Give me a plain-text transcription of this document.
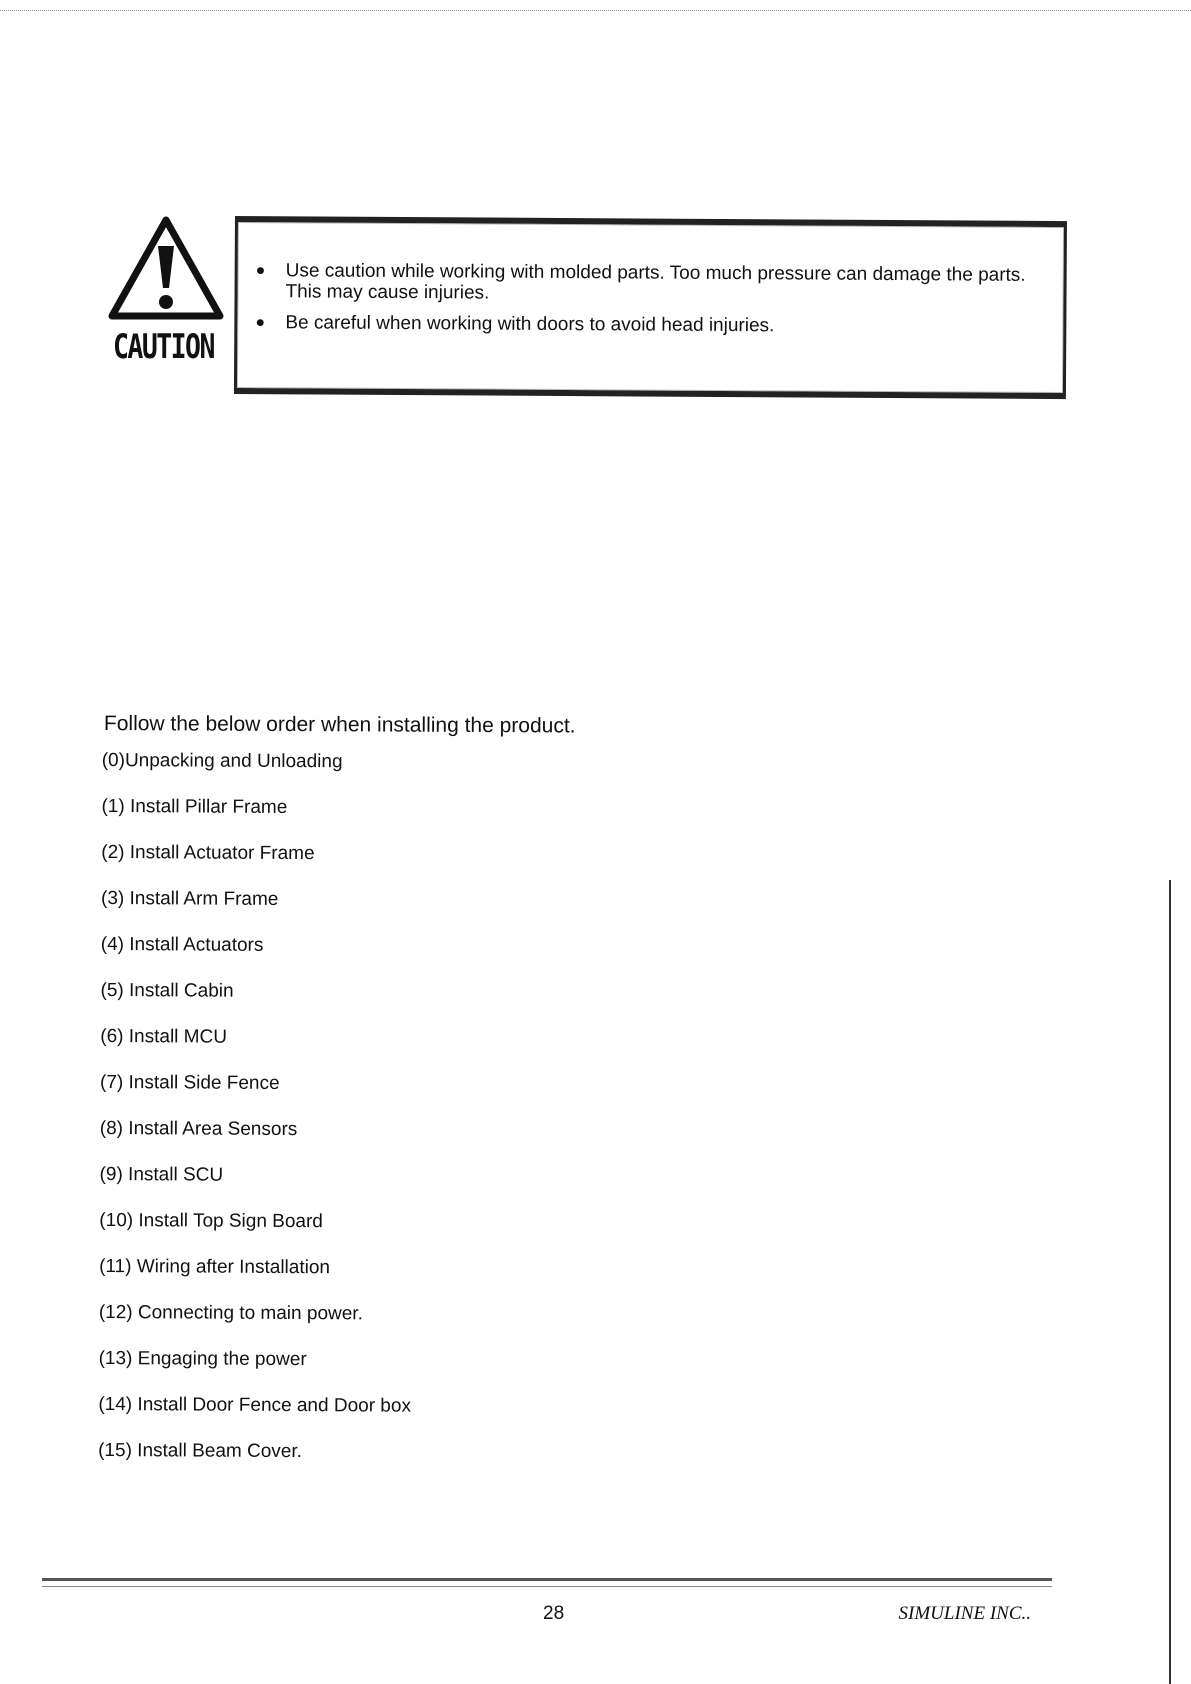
CAUTION
● Use caution while working with molded parts. Too much pressure can damage the parts. This may cause injuries.
● Be careful when working with doors to avoid head injuries.
Follow the below order when installing the product.
(0)Unpacking and Unloading
(1) Install Pillar Frame
(2) Install Actuator Frame
(3) Install Arm Frame
(4) Install Actuators
(5) Install Cabin
(6) Install MCU
(7) Install Side Fence
(8) Install Area Sensors
(9) Install SCU
(10) Install Top Sign Board
(11) Wiring after Installation
(12) Connecting to main power.
(13) Engaging the power
(14) Install Door Fence and Door box
(15) Install Beam Cover.
28	SIMULINE INC..
